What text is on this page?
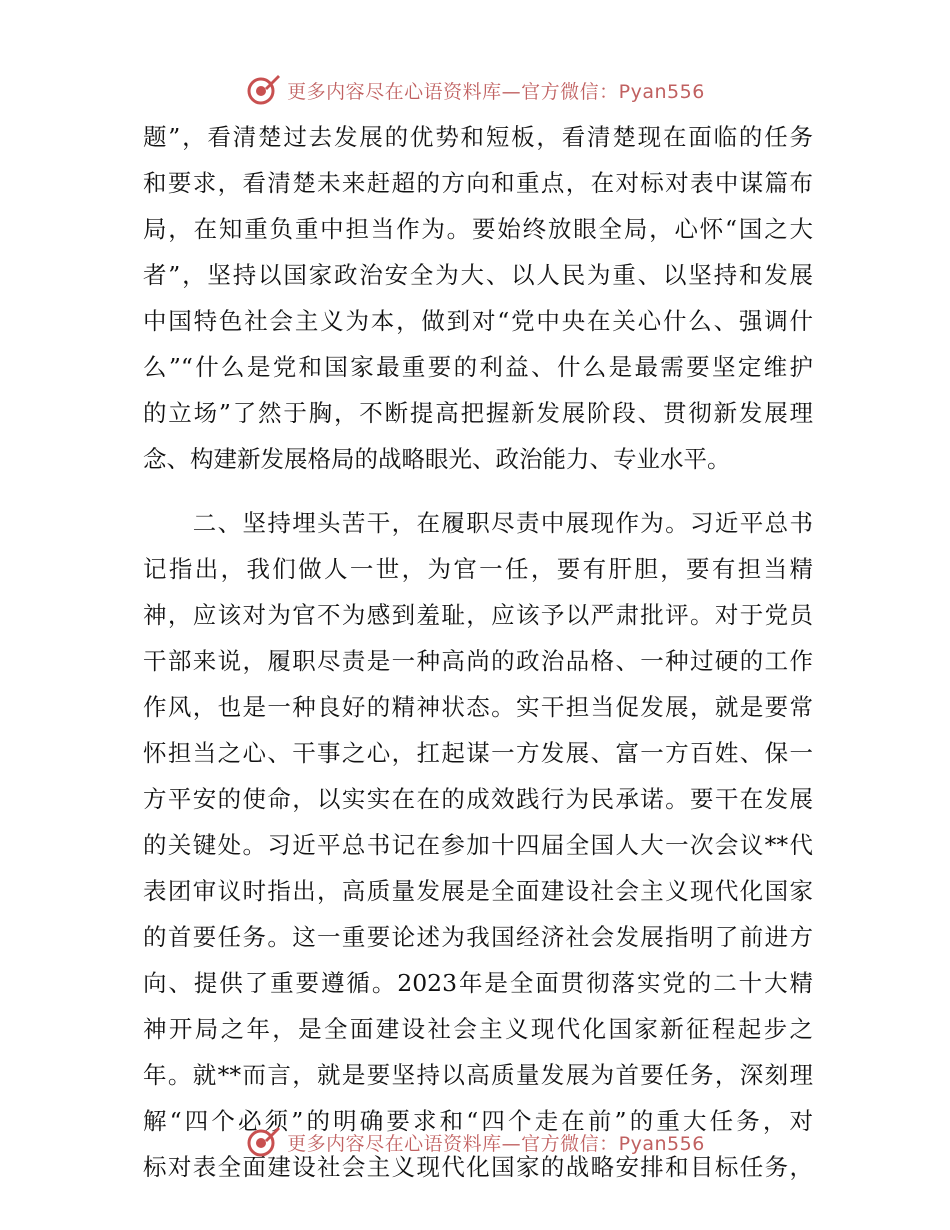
更多内容尽在心语资料库—官方微信：Pyan556
题”，看清楚过去发展的优势和短板，看清楚现在面临的任务
和要求，看清楚未来赶超的方向和重点，在对标对表中谋篇布
局，在知重负重中担当作为。要始终放眼全局，心怀“国之大
者”，坚持以国家政治安全为大、以人民为重、以坚持和发展
中国特色社会主义为本，做到对“党中央在关心什么、强调什
么”“什么是党和国家最重要的利益、什么是最需要坚定维护
的立场”了然于胸，不断提高把握新发展阶段、贯彻新发展理
念、构建新发展格局的战略眼光、政治能力、专业水平。
　　二、坚持埋头苦干，在履职尽责中展现作为。习近平总书
记指出，我们做人一世，为官一任，要有肝胆，要有担当精
神，应该对为官不为感到羞耻，应该予以严肃批评。对于党员
干部来说，履职尽责是一种高尚的政治品格、一种过硬的工作
作风，也是一种良好的精神状态。实干担当促发展，就是要常
怀担当之心、干事之心，扛起谋一方发展、富一方百姓、保一
方平安的使命，以实实在在的成效践行为民承诺。要干在发展
的关键处。习近平总书记在参加十四届全国人大一次会议**代
表团审议时指出，高质量发展是全面建设社会主义现代化国家
的首要任务。这一重要论述为我国经济社会发展指明了前进方
向、提供了重要遵循。2023年是全面贯彻落实党的二十大精
神开局之年，是全面建设社会主义现代化国家新征程起步之
年。就**而言，就是要坚持以高质量发展为首要任务，深刻理
解“四个必须”的明确要求和“四个走在前”的重大任务，对
标对表全面建设社会主义现代化国家的战略安排和目标任务，
更多内容尽在心语资料库—官方微信：Pyan556
